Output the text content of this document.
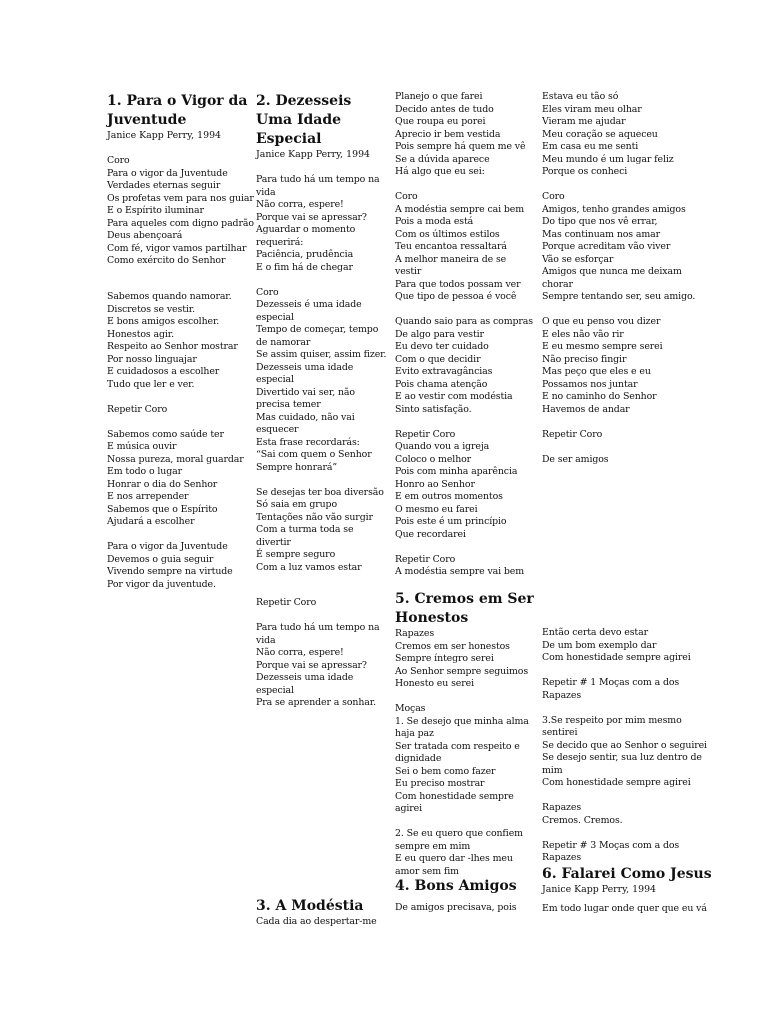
1. Para o Vigor da
Juventude
Janice Kapp Perry, 1994
Coro
Para o vigor da Juventude
Verdades eternas seguir
Os profetas vem para nos guiar
E o Espírito iluminar
Para aqueles com digno padrão
Deus abençoará
Com fé, vigor vamos partilhar
Como exército do Senhor
Sabemos quando namorar.
Discretos se vestir.
E bons amigos escolher.
Honestos agir.
Respeito ao Senhor mostrar
Por nosso linguajar
E cuidadosos a escolher
Tudo que ler e ver.
Repetir Coro
Sabemos como saúde ter
E música ouvir
Nossa pureza, moral guardar
Em todo o lugar
Honrar o dia do Senhor
E nos arrepender
Sabemos que o Espírito
Ajudará a escolher
Para o vigor da Juventude
Devemos o guia seguir
Vivendo sempre na virtude
Por vigor da juventude.
2. Dezesseis
Uma Idade
Especial
Janice Kapp Perry, 1994
Para tudo há um tempo na
vida
Não corra, espere!
Porque vai se apressar?
Aguardar o momento
requerirá:
Paciência, prudência
E o fim há de chegar
Coro
Dezesseis é uma idade
especial
Tempo de começar, tempo
de namorar
Se assim quiser, assim fizer.
Dezesseis uma idade
especial
Divertido vai ser, não
precisa temer
Mas cuidado, não vai
esquecer
Esta frase recordarás:
“Sai com quem o Senhor
Sempre honrará”
Se desejas ter boa diversão
Só saia em grupo
Tentações não vão surgir
Com a turma toda se
divertir
É sempre seguro
Com a luz vamos estar
Repetir Coro
Para tudo há um tempo na
vida
Não corra, espere!
Porque vai se apressar?
Dezesseis uma idade
especial
Pra se aprender a sonhar.
3. A Modéstia
Cada dia ao despertar-me
Planejo o que farei
Decido antes de tudo
Que roupa eu porei
Aprecio ir bem vestida
Pois sempre há quem me vê
Se a dúvida aparece
Há algo que eu sei:
Coro
A modéstia sempre cai bem
Pois a moda está
Com os últimos estilos
Teu encantoa ressaltará
A melhor maneira de se
vestir
Para que todos possam ver
Que tipo de pessoa é você
Quando saio para as compras
De algo para vestir
Eu devo ter cuidado
Com o que decidir
Evito extravagâncias
Pois chama atenção
E ao vestir com modéstia
Sinto satisfação.
Repetir Coro
Quando vou a igreja
Coloco o melhor
Pois com minha aparência
Honro ao Senhor
E em outros momentos
O mesmo eu farei
Pois este é um princípio
Que recordarei
Repetir Coro
A modéstia sempre vai bem
5. Cremos em Ser
Honestos
Rapazes
Cremos em ser honestos
Sempre íntegro serei
Ao Senhor sempre seguimos
Honesto eu serei
Moças
1. Se desejo que minha alma
haja paz
Ser tratada com respeito e
dignidade
Sei o bem como fazer
Eu preciso mostrar
Com honestidade sempre
agirei
2. Se eu quero que confiem
sempre em mim
E eu quero dar -lhes meu
amor sem fim
4. Bons Amigos
De amigos precisava, pois
Estava eu tão só
Eles viram meu olhar
Vieram me ajudar
Meu coração se aqueceu
Em casa eu me senti
Meu mundo é um lugar feliz
Porque os conheci
Coro
Amigos, tenho grandes amigos
Do tipo que nos vê errar,
Mas continuam nos amar
Porque acreditam vão viver
Vão se esforçar
Amigos que nunca me deixam
chorar
Sempre tentando ser, seu amigo.
O que eu penso vou dizer
E eles não vão rir
E eu mesmo sempre serei
Não preciso fingir
Mas peço que eles e eu
Possamos nos juntar
E no caminho do Senhor
Havemos de andar
Repetir Coro
De ser amigos
Então certa devo estar
De um bom exemplo dar
Com honestidade sempre agirei
Repetir # 1 Moças com a dos
Rapazes
3.Se respeito por mim mesmo
sentirei
Se decido que ao Senhor o seguirei
Se desejo sentir, sua luz dentro de
mim
Com honestidade sempre agirei
Rapazes
Cremos. Cremos.
Repetir # 3 Moças com a dos
Rapazes
6. Falarei Como Jesus
Janice Kapp Perry, 1994
Em todo lugar onde quer que eu vá
